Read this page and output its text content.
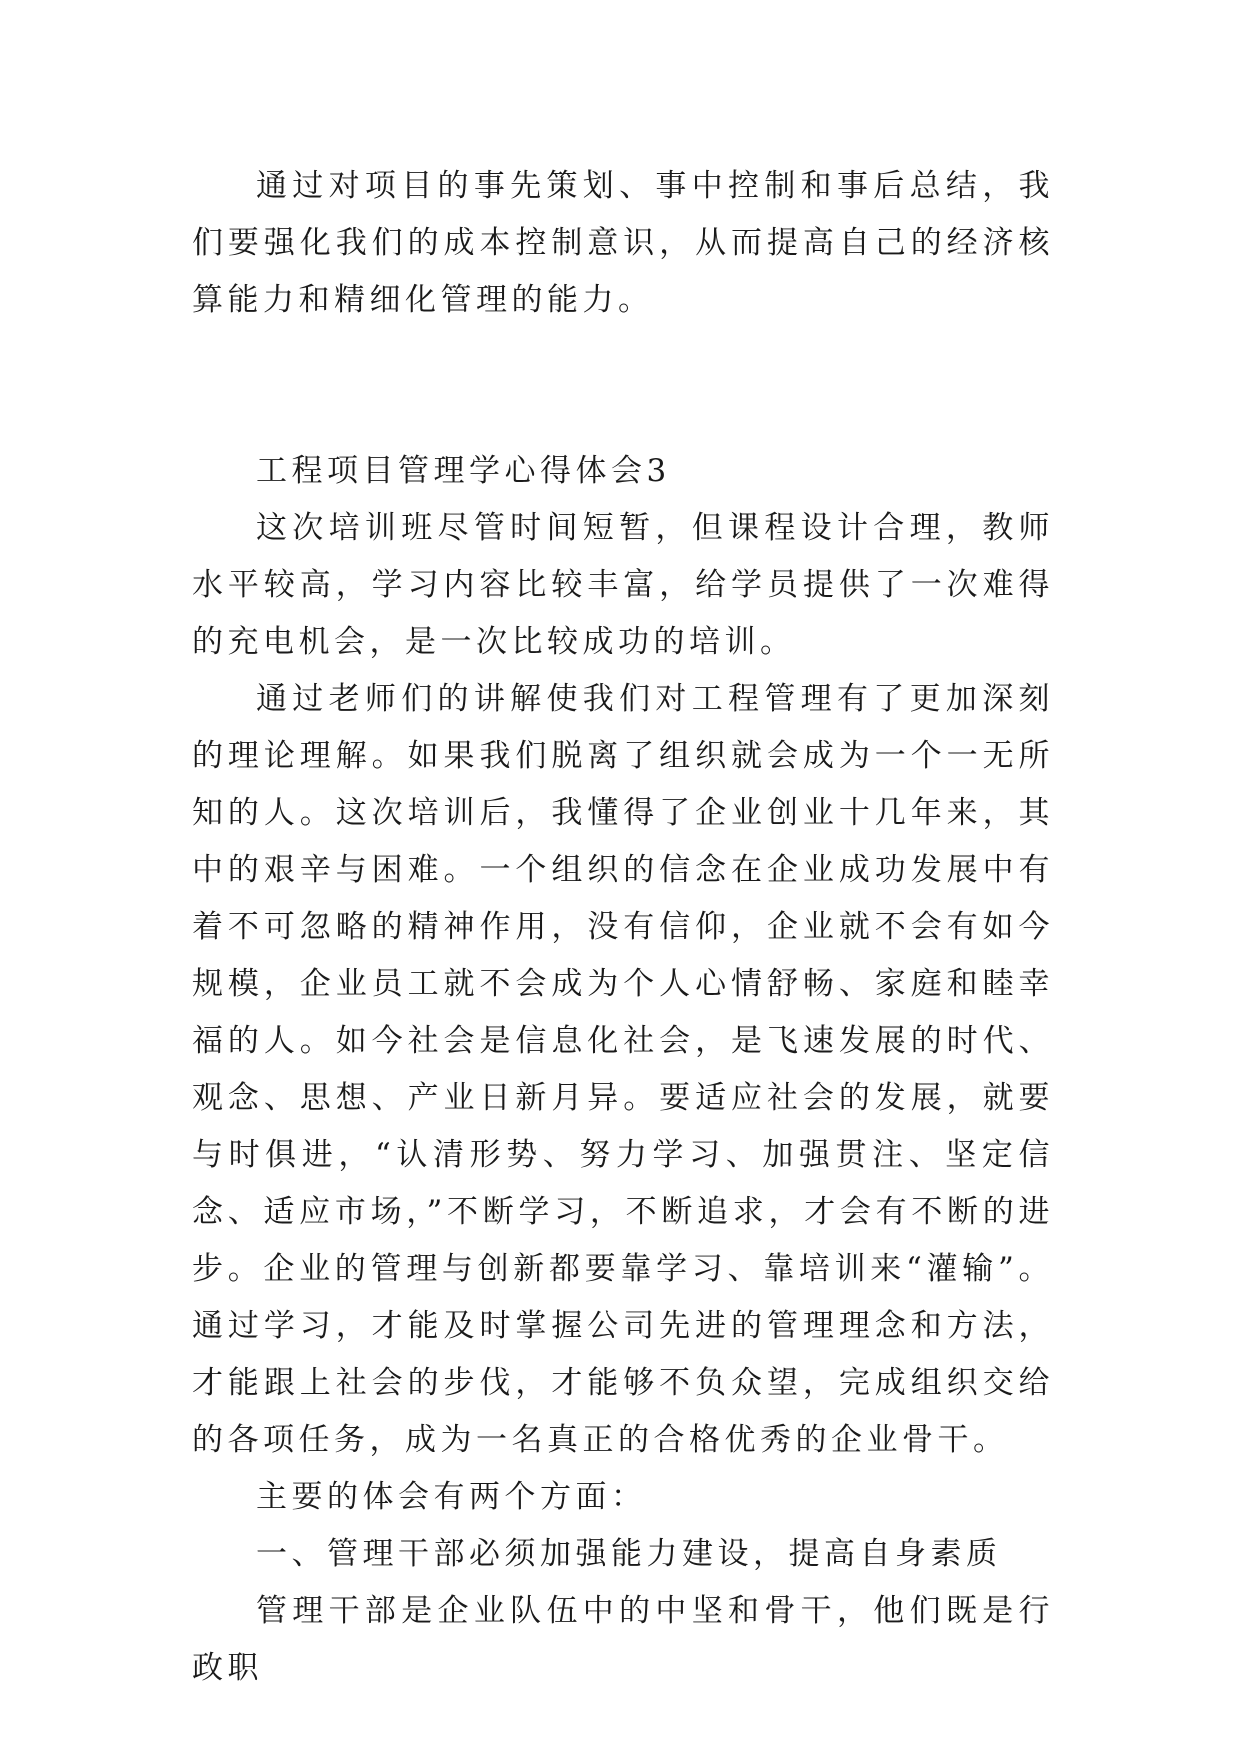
通过对项目的事先策划、事中控制和事后总结，我们要强化我们的成本控制意识，从而提高自己的经济核算能力和精细化管理的能力。

工程项目管理学心得体会3

这次培训班尽管时间短暂，但课程设计合理，教师水平较高，学习内容比较丰富，给学员提供了一次难得的充电机会，是一次比较成功的培训。

通过老师们的讲解使我们对工程管理有了更加深刻的理论理解。如果我们脱离了组织就会成为一个一无所知的人。这次培训后，我懂得了企业创业十几年来，其中的艰辛与困难。一个组织的信念在企业成功发展中有着不可忽略的精神作用，没有信仰，企业就不会有如今规模，企业员工就不会成为个人心情舒畅、家庭和睦幸福的人。如今社会是信息化社会，是飞速发展的时代、观念、思想、产业日新月异。要适应社会的发展，就要与时俱进，“认清形势、努力学习、加强贯注、坚定信念、适应市场，”不断学习，不断追求，才会有不断的进步。企业的管理与创新都要靠学习、靠培训来“灌输”。通过学习，才能及时掌握公司先进的管理理念和方法，才能跟上社会的步伐，才能够不负众望，完成组织交给的各项任务，成为一名真正的合格优秀的企业骨干。

主要的体会有两个方面：

一、管理干部必须加强能力建设，提高自身素质

管理干部是企业队伍中的中坚和骨干，他们既是行政职
